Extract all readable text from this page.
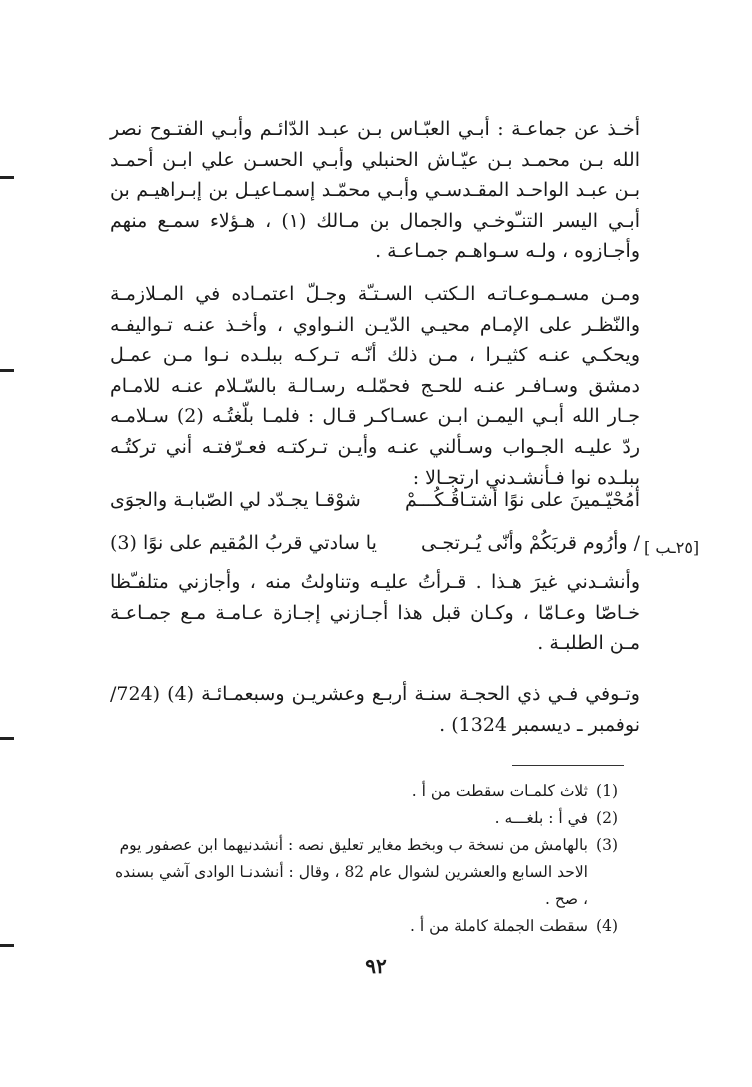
أخـذ عن جماعـة : أبـي العبّـاس بـن عبـد الدّائـم وأبـي الفتـوح نصر الله بـن محمـد بـن عيّـاش الحنبلي وأبـي الحسـن علي ابـن أحمـد بـن عبـد الواحـد المقـدسـي وأبـي محمّـد إسمـاعيـل بن إبـراهيـم بن أبـي اليسر التنـّوخـي والجمال بن مـالك (١) ، هـؤلاء سمـع منهم وأجـازوه ، ولـه سـواهـم جمـاعـة .

ومـن مسـمـوعـاتـه الـكتب السـتـّة وجـلّ اعتمـاده في المـلازمـة والنّظـر على الإمـام محيـي الدّيـن النـواوي ، وأخـذ عنـه تـواليفـه ويحكـي عنـه كثيـرا ، مـن ذلك أنّـه تـركـه ببلـده نـوا مـن عمـل دمشق وسـافـر عنـه للحـج فحمّلـه رسـالـة بالسّـلام عنـه للامـام جـار الله أبـي اليمـن ابـن عسـاكـر قـال : فلمـا بلّغتُـه (2) سـلامـه ردّ عليـه الجـواب وسـألني عنـه وأيـن تـركتـه فعـرّفتـه أني تركتُـه ببلـده نوا فـأنشـدني ارتجـالا :

أمُحْيّـمينَ على نوًا أشتـاقُـكُـــمْ
شوْقـا يجـدّد لي الصّبابـة والجوَى
/ وأرُوم قربَكُمْ وأنّى يُـرتجـى
يا سادتي قربُ المُقيم على نوًا (3)	[٢٥ـب ]

وأنشـدني غيرَ هـذا . قـرأتُ عليـه وتناولتُ منه ، وأجازني متلفـّظا خـاصّا وعـامّا ، وكـان قبل هذا أجـازني إجـازة عـامـة مـع جمـاعـة مـن الطلبـة .

وتـوفي فـي ذي الحجـة سنـة أربـع وعشريـن وسبعمـائـة (4) (724/نوفمبر ـ ديسمبر 1324) .

(1)
ثلاث كلمـات سقطت من أ .
(2)
في أ : بلغـــه .
(3)
بالهامش من نسخة ب وبخط مغاير تعليق نصه : أنشدنيهما ابن عصفور يوم الاحد السابع والعشرين لشوال عام 82 ، وقال : أنشدنـا الوادى آشي بسنده ، صح .
(4)
سقطت الجملة كاملة من أ .
٩٢
